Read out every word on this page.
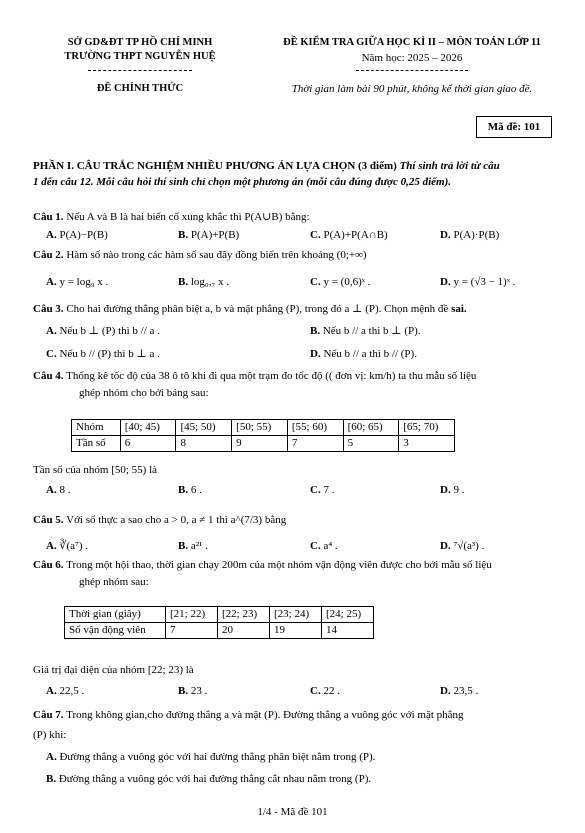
SỞ GD&ĐT TP HỒ CHÍ MINH
TRƯỜNG THPT NGUYỄN HUỆ
ĐỀ CHÍNH THỨC
ĐỀ KIỂM TRA GIỮA HỌC KÌ II – MÔN TOÁN LỚP 11
Năm học: 2025 – 2026
Thời gian làm bài 90 phút, không kể thời gian giao đề.
Mã đề: 101
PHẦN I. CÂU TRẮC NGHIỆM NHIỀU PHƯƠNG ÁN LỰA CHỌN (3 điểm) Thí sinh trả lời từ câu
1 đến câu 12. Mỗi câu hỏi thí sinh chỉ chọn một phương án (mỗi câu đúng được 0,25 điểm).
Câu 1. Nếu A và B là hai biến cố xung khắc thì P(A∪B) bằng:
A. P(A)−P(B)	B. P(A)+P(B)	C. P(A)+P(A∩B)	D. P(A)·P(B)
Câu 2. Hàm số nào trong các hàm số sau đây đồng biến trên khoảng (0;+∞)
A. y = log₉ x .	B. log₀,₇ x .	C. y = (0,6)ˣ .	D. y = (√3 − 1)ˣ .
Câu 3. Cho hai đường thẳng phân biệt a, b và mặt phẳng (P), trong đó a ⊥ (P). Chọn mệnh đề sai.
A. Nếu b ⊥ (P) thì b // a .	B. Nếu b // a thì b ⊥ (P).
C. Nếu b // (P) thì b ⊥ a .	D. Nếu b // a thì b // (P).
Câu 4. Thống kê tốc độ của 38 ô tô khi đi qua một trạm đo tốc độ (( đơn vị: km/h) ta thu mẫu số liệu
ghép nhóm cho bởi bảng sau:
Nhóm	[40; 45)	[45; 50)	[50; 55)	[55; 60)	[60; 65)	[65; 70)
Tần số	6	8	9	7	5	3
Tần số của nhóm [50; 55) là
A. 8 .	B. 6 .	C. 7 .	D. 9 .
Câu 5. Với số thực a sao cho a > 0, a ≠ 1 thì a^(7/3) bằng
A. ∛(a⁷) .	B. a²¹ .	C. a⁴ .	D. ⁷√(a³) .
Câu 6. Trong một hội thao, thời gian chạy 200m của một nhóm vận động viên được cho bởi mẫu số liệu
ghép nhóm sau:
Thời gian (giây)	[21; 22)	[22; 23)	[23; 24)	[24; 25)
Số vận động viên	7	20	19	14
Giá trị đại diện của nhóm [22; 23) là
A. 22,5 .	B. 23 .	C. 22 .	D. 23,5 .
Câu 7. Trong không gian,cho đường thẳng a và mặt (P). Đường thẳng a vuông góc với mặt phẳng
(P) khi:
A. Đường thẳng a vuông góc với hai đường thẳng phân biệt nằm trong (P).
B. Đường thẳng a vuông góc với hai đường thẳng cắt nhau nằm trong (P).
1/4 - Mã đề 101
